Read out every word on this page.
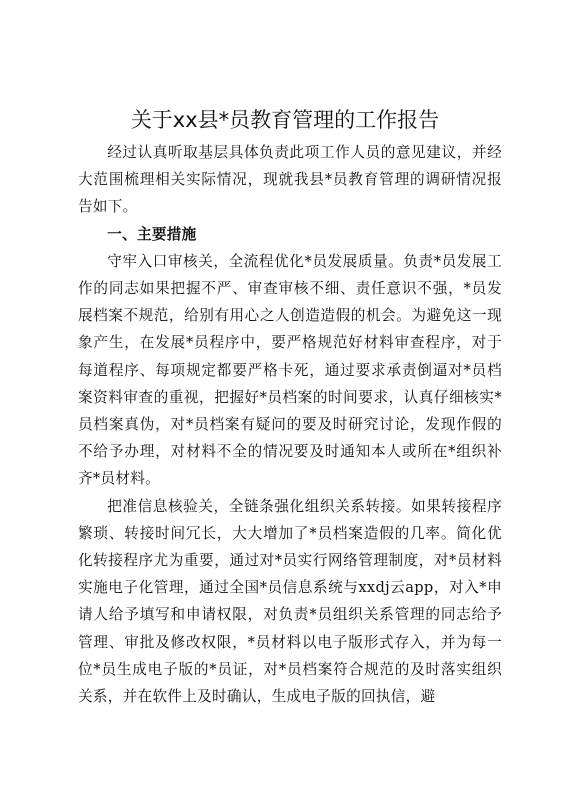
关于xx县*员教育管理的工作报告

经过认真听取基层具体负责此项工作人员的意见建议，并经大范围梳理相关实际情况，现就我县*员教育管理的调研情况报告如下。

一、主要措施

守牢入口审核关，全流程优化*员发展质量。负责*员发展工作的同志如果把握不严、审查审核不细、责任意识不强，*员发展档案不规范，给别有用心之人创造造假的机会。为避免这一现象产生，在发展*员程序中，要严格规范好材料审查程序，对于每道程序、每项规定都要严格卡死，通过要求承责倒逼对*员档案资料审查的重视，把握好*员档案的时间要求，认真仔细核实*员档案真伪，对*员档案有疑问的要及时研究讨论，发现作假的不给予办理，对材料不全的情况要及时通知本人或所在*组织补齐*员材料。

把准信息核验关，全链条强化组织关系转接。如果转接程序繁琐、转接时间冗长，大大增加了*员档案造假的几率。简化优化转接程序尤为重要，通过对*员实行网络管理制度，对*员材料实施电子化管理，通过全国*员信息系统与xxdj云app，对入*申请人给予填写和申请权限，对负责*员组织关系管理的同志给予管理、审批及修改权限，*员材料以电子版形式存入，并为每一位*员生成电子版的*员证，对*员档案符合规范的及时落实组织关系，并在软件上及时确认，生成电子版的回执信，避
